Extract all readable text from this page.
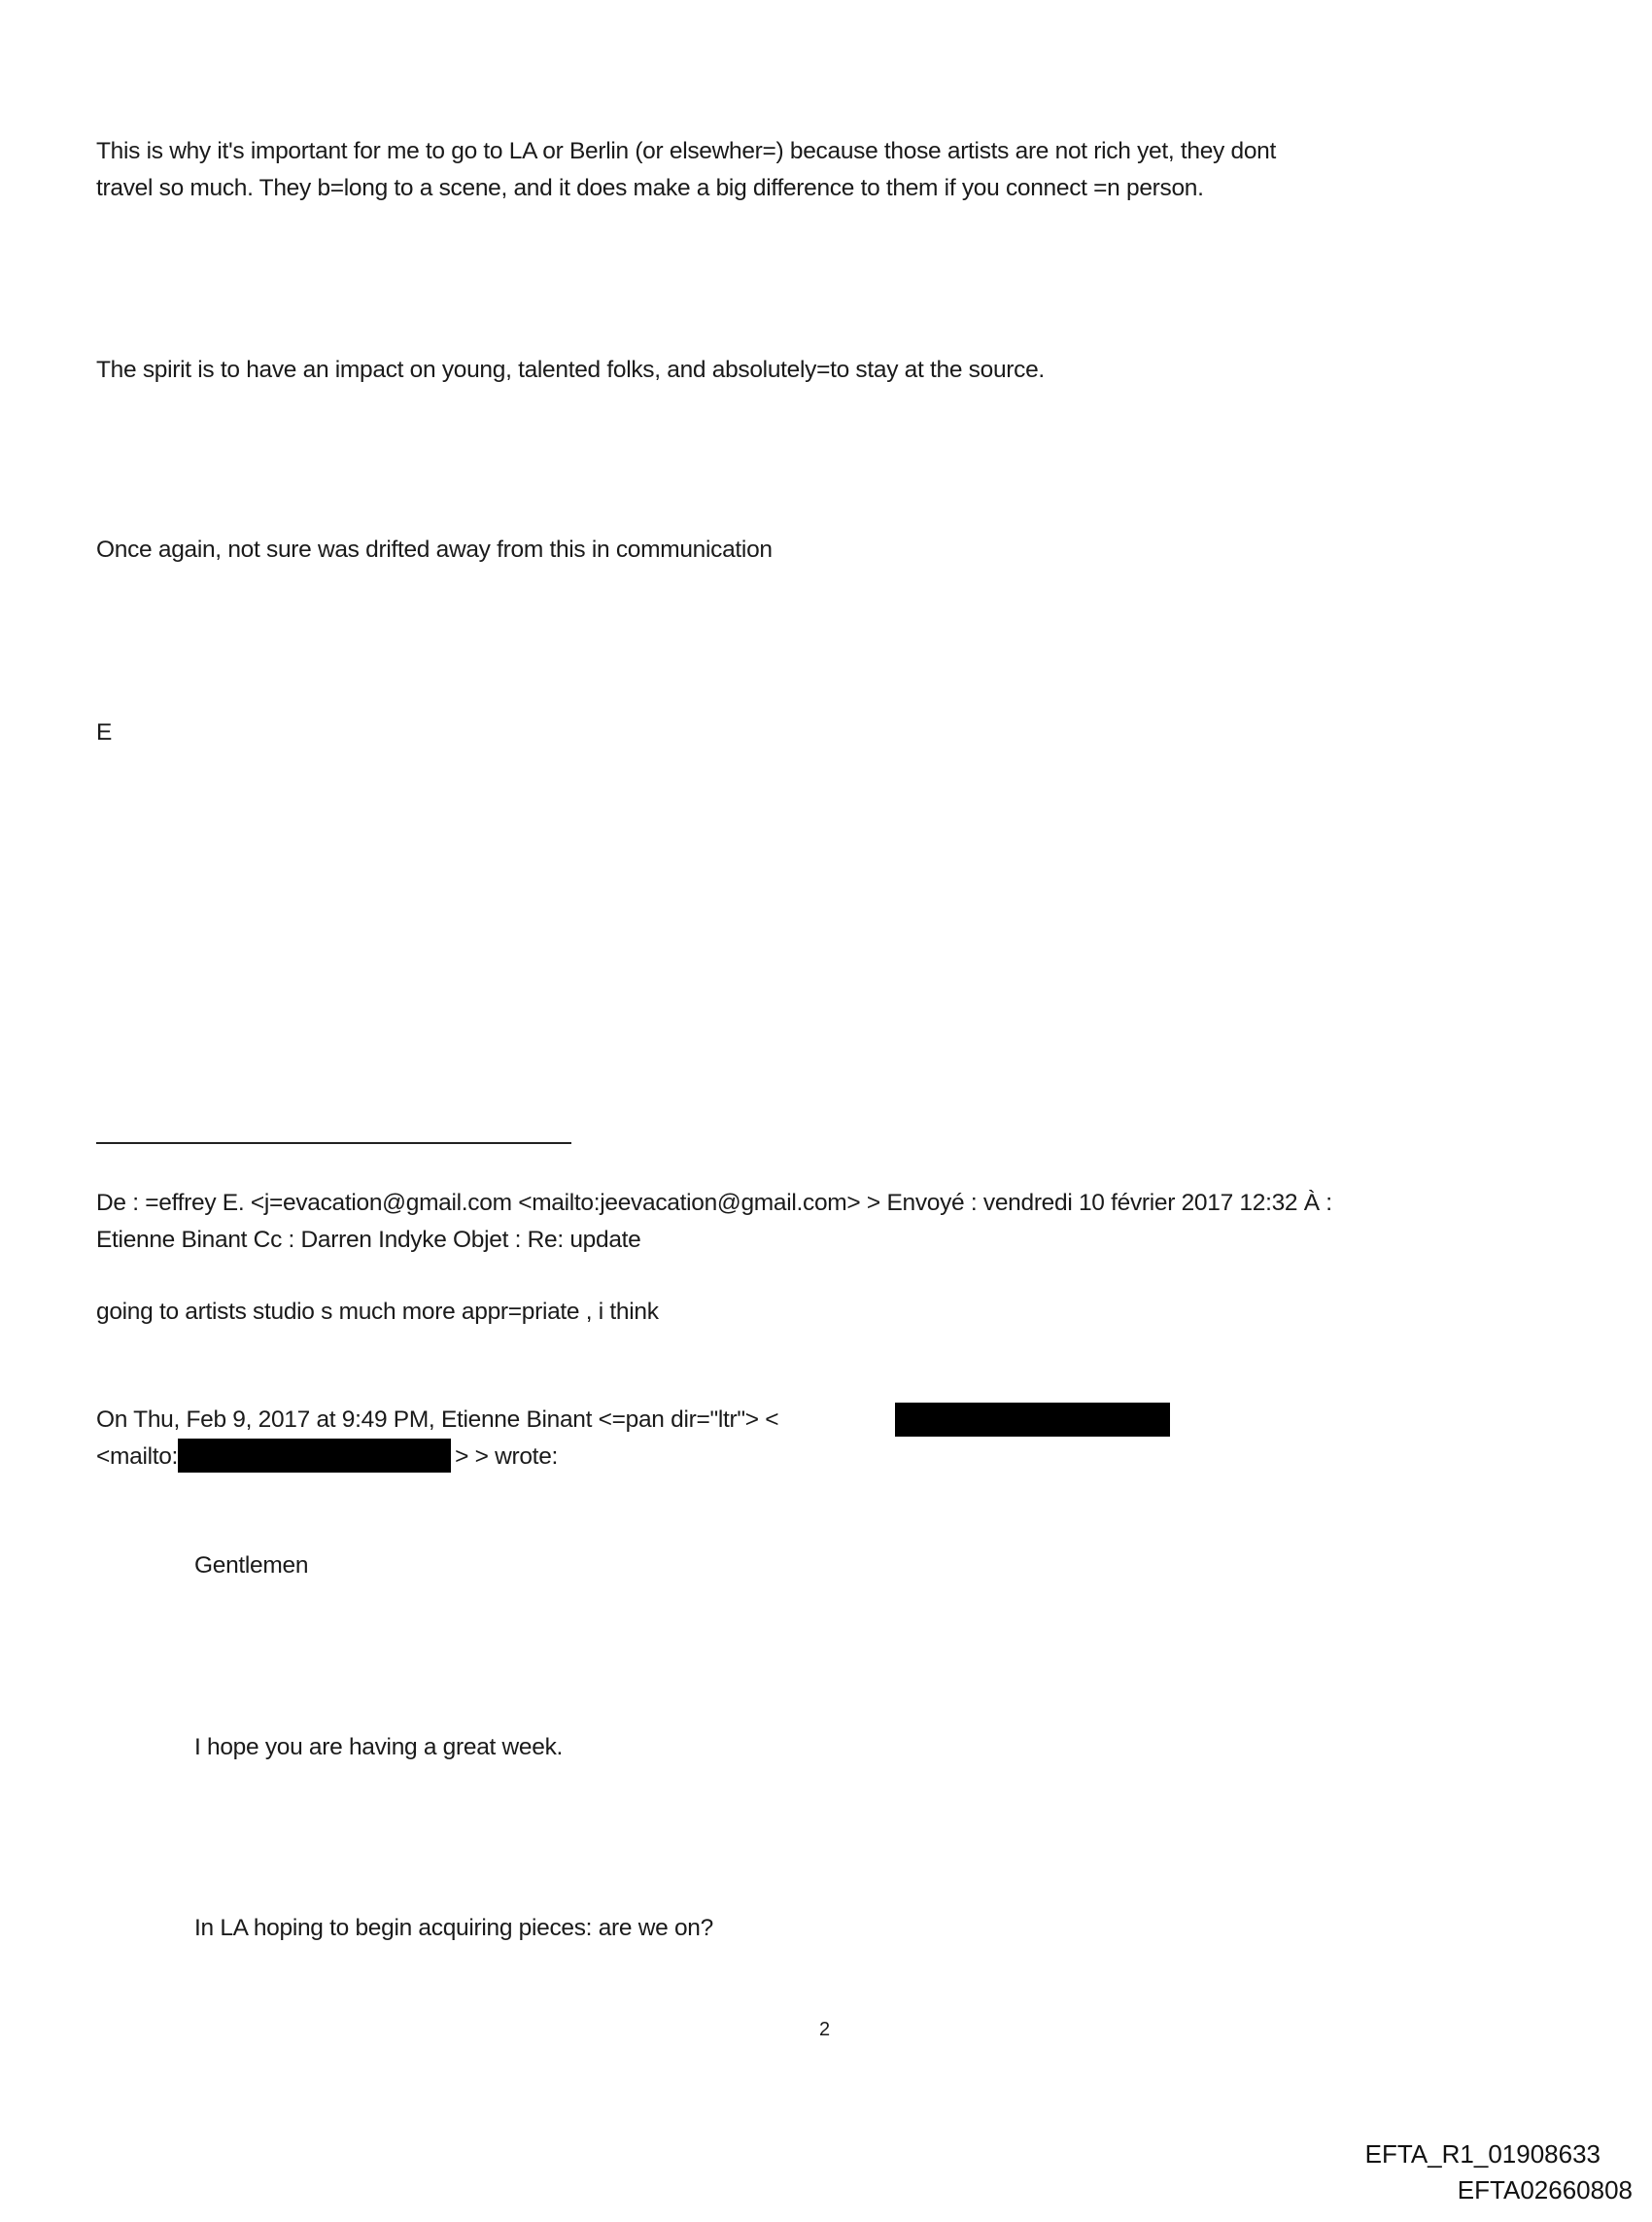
This is why it's important for me to go to LA or Berlin (or elsewher=) because those artists are not rich yet, they dont
travel so much. They b=long to a scene, and it does make a big difference to them if you connect =n person.
The spirit is to have an impact on young, talented folks, and absolutely=to stay at the source.
Once again, not sure was drifted away from this in communication
E
De : =effrey E. <j=evacation@gmail.com <mailto:jeevacation@gmail.com> > Envoyé : vendredi 10 février 2017 12:32 À :
Etienne Binant Cc : Darren Indyke Objet : Re: update
going to artists studio s much more appr=priate , i think
On Thu, Feb 9, 2017 at 9:49 PM, Etienne Binant <=pan dir="ltr"> <
<mailto:	> > wrote:
Gentlemen
I hope you are having a great week.
In LA hoping to begin acquiring pieces: are we on?
2
EFTA_R1_01908633
EFTA02660808
